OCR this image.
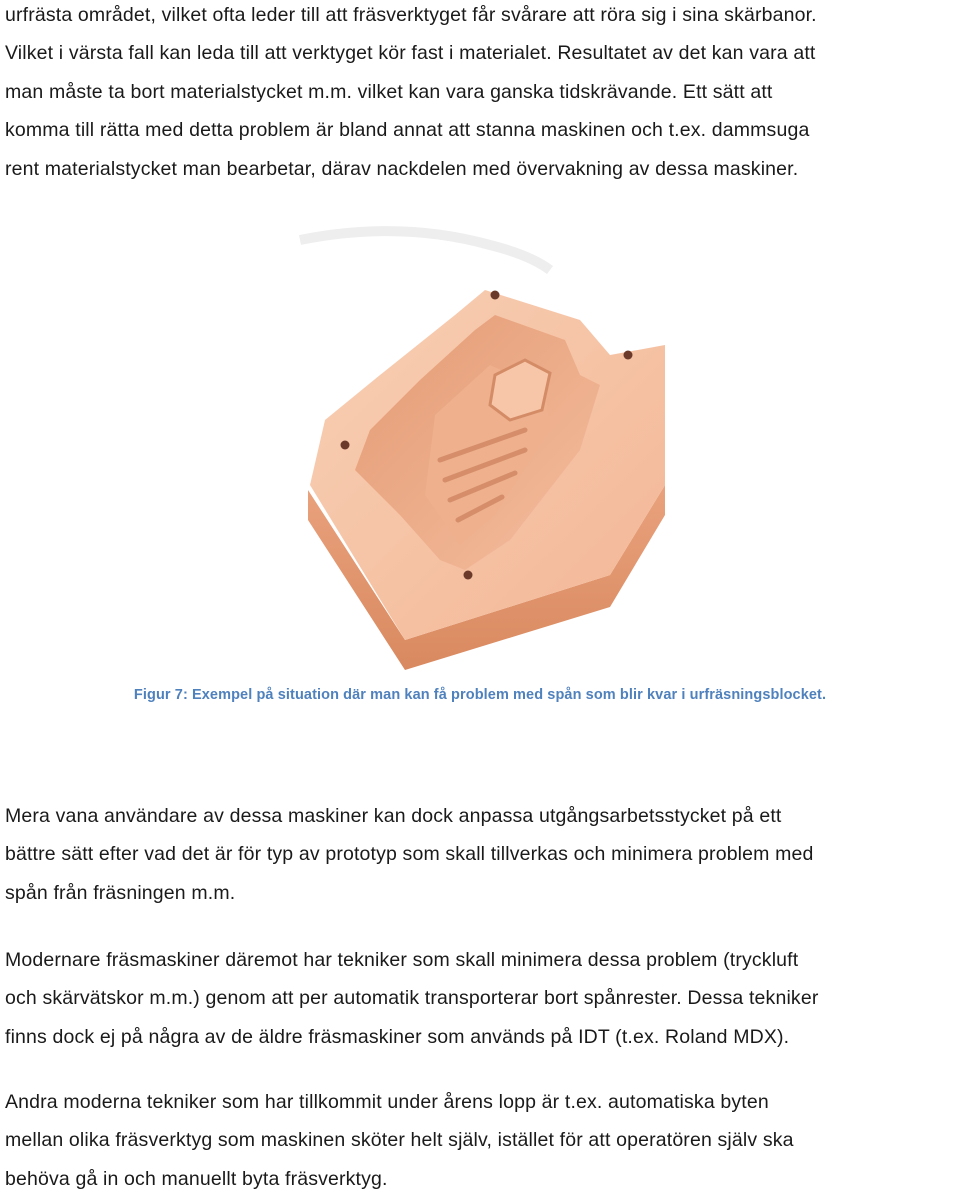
urfrästa området, vilket ofta leder till att fräsverktyget får svårare att röra sig i sina skärbanor.
Vilket i värsta fall kan leda till att verktyget kör fast i materialet. Resultatet av det kan vara att
man måste ta bort materialstycket m.m. vilket kan vara ganska tidskrävande. Ett sätt att
komma till rätta med detta problem är bland annat att stanna maskinen och t.ex. dammsuga
rent materialstycket man bearbetar, därav nackdelen med övervakning av dessa maskiner.
Figur 7: Exempel på situation där man kan få problem med spån som blir kvar i urfräsningsblocket.
Mera vana användare av dessa maskiner kan dock anpassa utgångsarbetsstycket på ett
bättre sätt efter vad det är för typ av prototyp som skall tillverkas och minimera problem med
spån från fräsningen m.m.
Modernare fräsmaskiner däremot har tekniker som skall minimera dessa problem (tryckluft
och skärvätskor m.m.) genom att per automatik transporterar bort spånrester. Dessa tekniker
finns dock ej på några av de äldre fräsmaskiner som används på IDT (t.ex. Roland MDX).
Andra moderna tekniker som har tillkommit under årens lopp är t.ex. automatiska byten
mellan olika fräsverktyg som maskinen sköter helt själv, istället för att operatören själv ska
behöva gå in och manuellt byta fräsverktyg.
